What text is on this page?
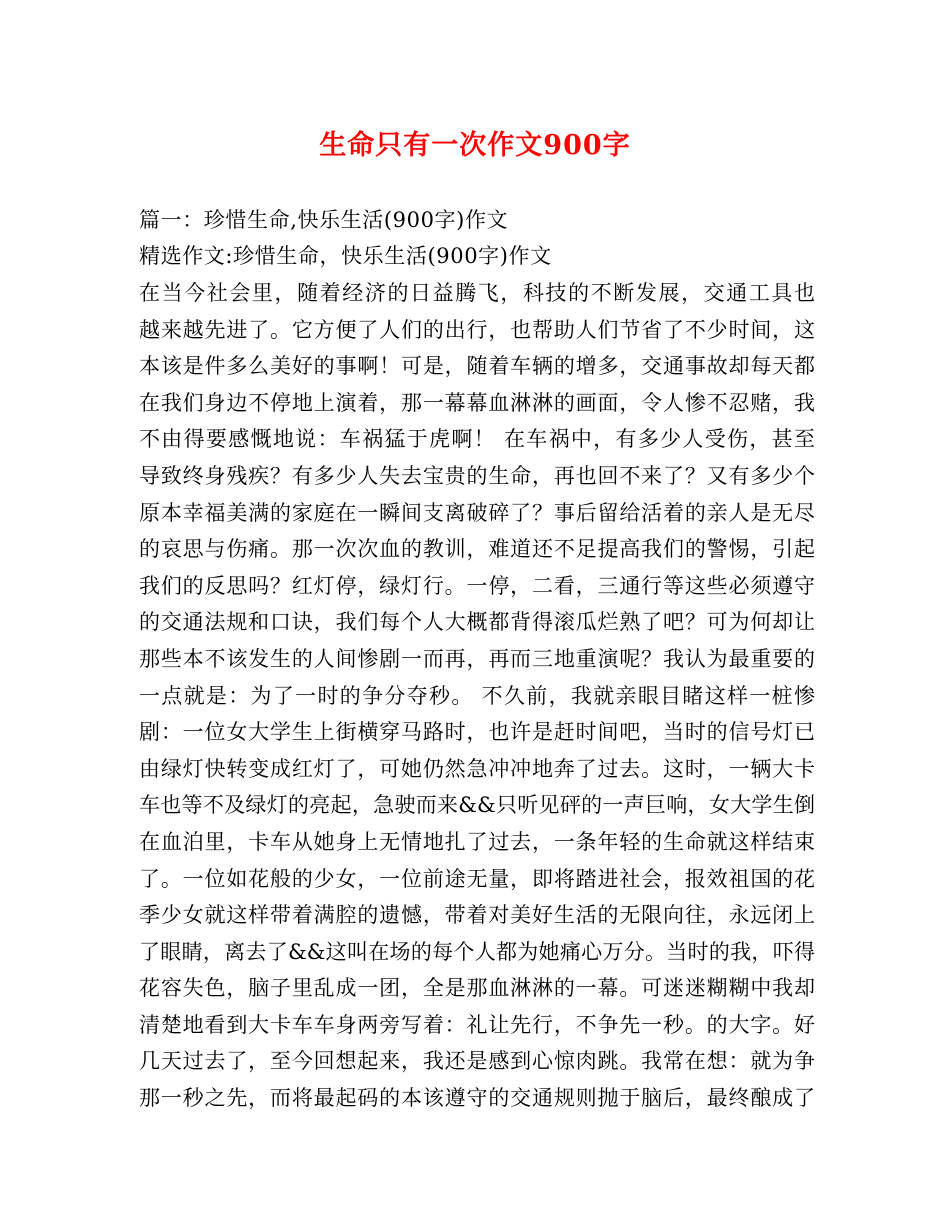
生命只有一次作文900字
篇一：珍惜生命,快乐生活(900字)作文
精选作文:珍惜生命，快乐生活(900字)作文
在当今社会里，随着经济的日益腾飞，科技的不断发展，交通工具也
越来越先进了。它方便了人们的出行，也帮助人们节省了不少时间，这
本该是件多么美好的事啊！可是，随着车辆的增多，交通事故却每天都
在我们身边不停地上演着，那一幕幕血淋淋的画面，令人惨不忍赌，我
不由得要感慨地说：车祸猛于虎啊！ 在车祸中，有多少人受伤，甚至
导致终身残疾？有多少人失去宝贵的生命，再也回不来了？又有多少个
原本幸福美满的家庭在一瞬间支离破碎了？事后留给活着的亲人是无尽
的哀思与伤痛。那一次次血的教训，难道还不足提高我们的警惕，引起
我们的反思吗？红灯停，绿灯行。一停，二看，三通行等这些必须遵守
的交通法规和口诀，我们每个人大概都背得滚瓜烂熟了吧？可为何却让
那些本不该发生的人间惨剧一而再，再而三地重演呢？我认为最重要的
一点就是：为了一时的争分夺秒。 不久前，我就亲眼目睹这样一桩惨
剧：一位女大学生上街横穿马路时，也许是赶时间吧，当时的信号灯已
由绿灯快转变成红灯了，可她仍然急冲冲地奔了过去。这时，一辆大卡
车也等不及绿灯的亮起，急驶而来&&只听见砰的一声巨响，女大学生倒
在血泊里，卡车从她身上无情地扎了过去，一条年轻的生命就这样结束
了。一位如花般的少女，一位前途无量，即将踏进社会，报效祖国的花
季少女就这样带着满腔的遗憾，带着对美好生活的无限向往，永远闭上
了眼睛，离去了&&这叫在场的每个人都为她痛心万分。当时的我，吓得
花容失色，脑子里乱成一团，全是那血淋淋的一幕。可迷迷糊糊中我却
清楚地看到大卡车车身两旁写着：礼让先行，不争先一秒。的大字。好
几天过去了，至今回想起来，我还是感到心惊肉跳。我常在想：就为争
那一秒之先，而将最起码的本该遵守的交通规则抛于脑后，最终酿成了
